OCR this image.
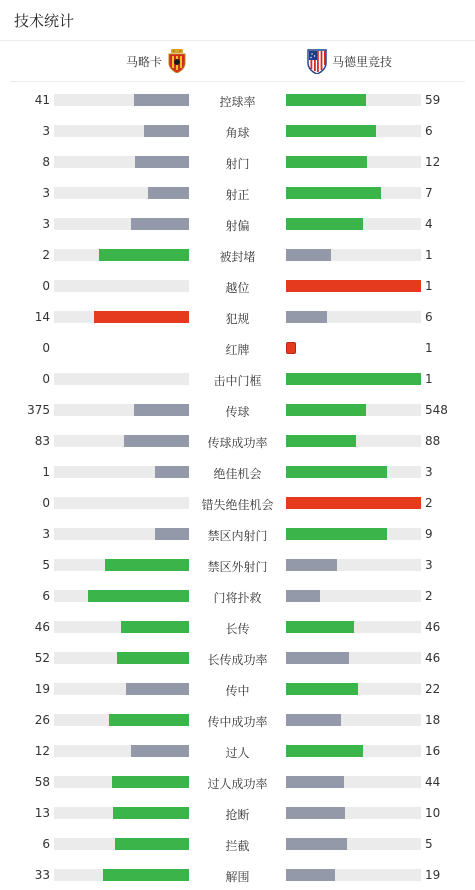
技术统计
马略卡	马德里竞技
41	控球率	59
3	角球	6
8	射门	12
3	射正	7
3	射偏	4
2	被封堵	1
0	越位	1
14	犯规	6
0	红牌	1
0	击中门框	1
375	传球	548
83	传球成功率	88
1	绝佳机会	3
0	错失绝佳机会	2
3	禁区内射门	9
5	禁区外射门	3
6	门将扑救	2
46	长传	46
52	长传成功率	46
19	传中	22
26	传中成功率	18
12	过人	16
58	过人成功率	44
13	抢断	10
6	拦截	5
33	解围	19
